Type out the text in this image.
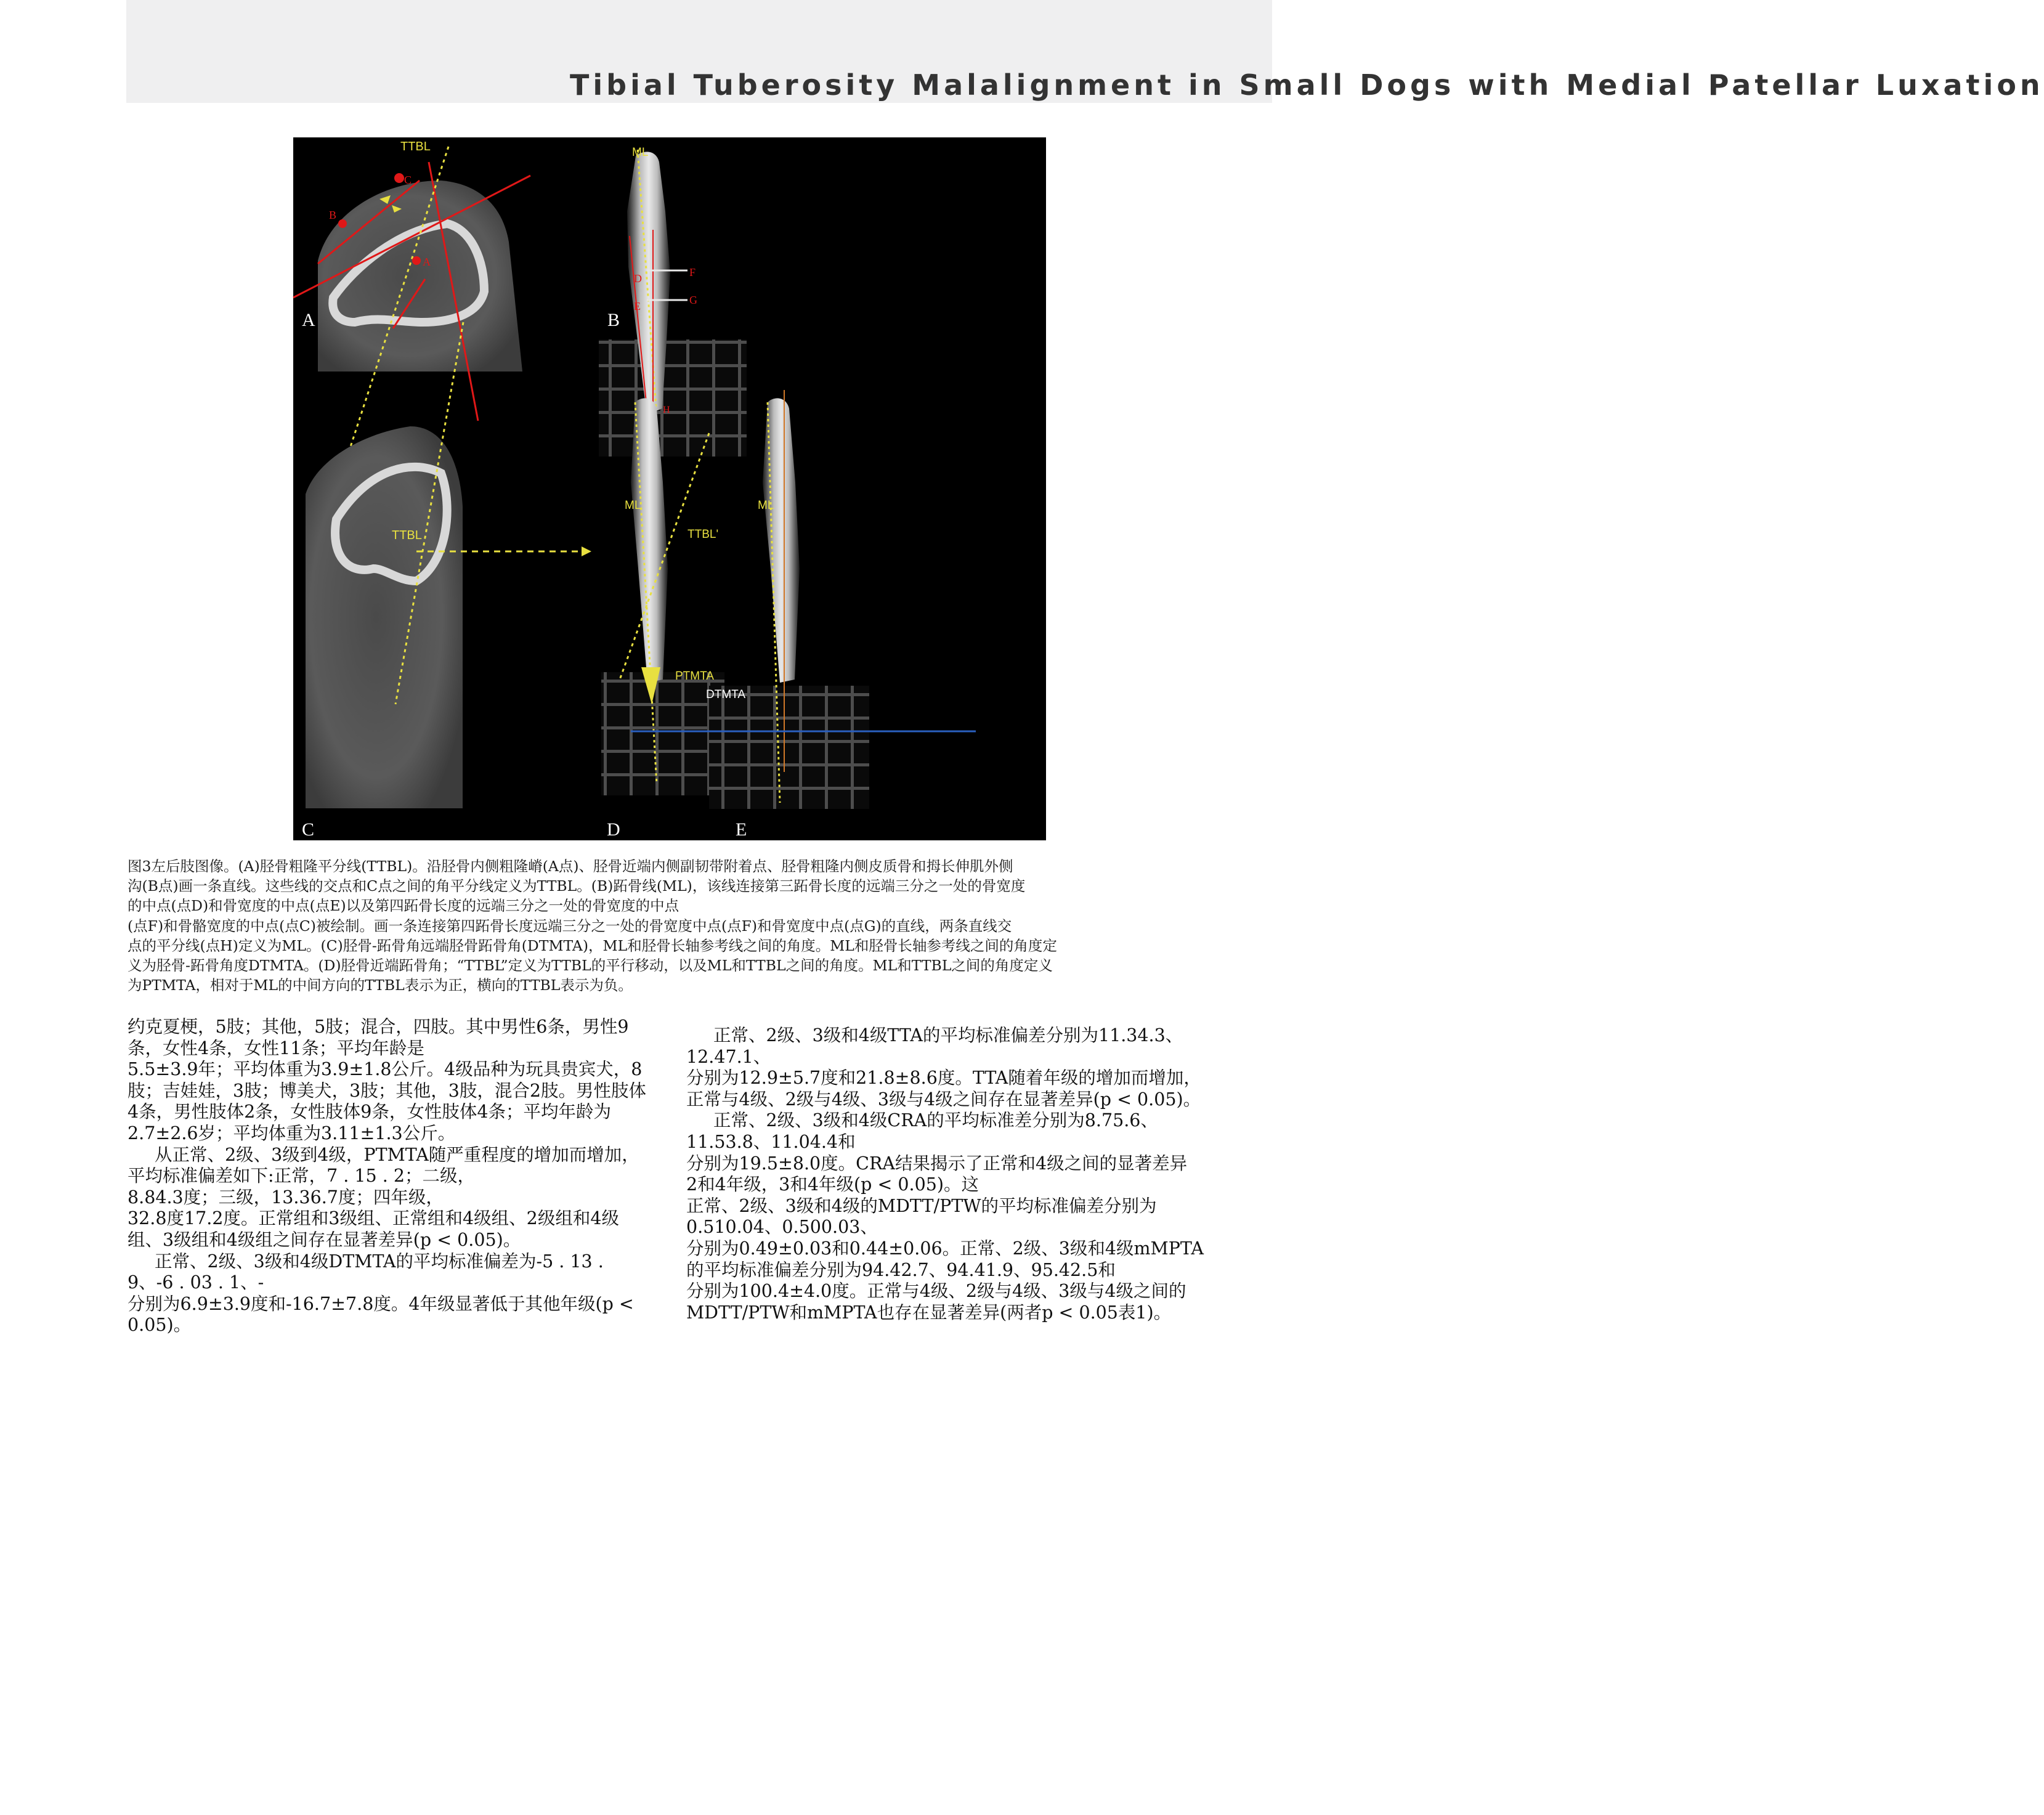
Tibial Tuberosity Malalignment in Small Dogs with Medial Patellar Luxation
TTBL
C
B
A
A
ML
D	F
E	G
H
B
TTBL
C
ML
TTBL'
PTMTA
D
ML
DTMTA
E

图3左后肢图像。(A)胫骨粗隆平分线(TTBL)。沿胫骨内侧粗隆嵴(A点)、胫骨近端内侧副韧带附着点、胫骨粗隆内侧皮质骨和拇长伸肌外侧

沟(B点)画一条直线。这些线的交点和C点之间的角平分线定义为TTBL。(B)跖骨线(ML)，该线连接第三跖骨长度的远端三分之一处的骨宽度

的中点(点D)和骨宽度的中点(点E)以及第四跖骨长度的远端三分之一处的骨宽度的中点

(点F)和骨骼宽度的中点(点C)被绘制。画一条连接第四跖骨长度远端三分之一处的骨宽度中点(点F)和骨宽度中点(点G)的直线，两条直线交

点的平分线(点H)定义为ML。(C)胫骨-跖骨角远端胫骨跖骨角(DTMTA)，ML和胫骨长轴参考线之间的角度。ML和胫骨长轴参考线之间的角度定

义为胫骨-跖骨角度DTMTA。(D)胫骨近端跖骨角；“TTBL”定义为TTBL的平行移动，以及ML和TTBL之间的角度。ML和TTBL之间的角度定义

为PTMTA，相对于ML的中间方向的TTBL表示为正，横向的TTBL表示为负。

约克夏梗，5肢；其他，5肢；混合，四肢。其中男性6条，男性9条，女性4条，女性11条；平均年龄是

5.5±3.9年；平均体重为3.9±1.8公斤。4级品种为玩具贵宾犬，8肢；吉娃娃，3肢；博美犬，3肢；其他，3肢，混合2肢。男性肢体4条，男性肢体2条，女性肢体9条，女性肢体4条；平均年龄为2.7±2.6岁；平均体重为3.11±1.3公斤。

从正常、2级、3级到4级，PTMTA随严重程度的增加而增加，平均标准偏差如下:正常，7 . 15 . 2；二级，

8.84.3度；三级，13.36.7度；四年级，

32.8度17.2度。正常组和3级组、正常组和4级组、2级组和4级组、3级组和4级组之间存在显著差异(p < 0.05)。

正常、2级、3级和4级DTMTA的平均标准偏差为-5 . 13 . 9、-6 . 03 . 1、-

分别为6.9±3.9度和-16.7±7.8度。4年级显著低于其他年级(p < 0.05)。

正常、2级、3级和4级TTA的平均标准偏差分别为11.34.3、12.47.1、

分别为12.9±5.7度和21.8±8.6度。TTA随着年级的增加而增加，正常与4级、2级与4级、3级与4级之间存在显著差异(p < 0.05)。

正常、2级、3级和4级CRA的平均标准差分别为8.75.6、11.53.8、11.04.4和

分别为19.5±8.0度。CRA结果揭示了正常和4级之间的显著差异

2和4年级，3和4年级(p < 0.05)。这

正常、2级、3级和4级的MDTT/PTW的平均标准偏差分别为0.510.04、0.500.03、

分别为0.49±0.03和0.44±0.06。正常、2级、3级和4级mMPTA的平均标准偏差分别为94.42.7、94.41.9、95.42.5和

分别为100.4±4.0度。正常与4级、2级与4级、3级与4级之间的MDTT/PTW和mMPTA也存在显著差异(两者p < 0.05表1)。
